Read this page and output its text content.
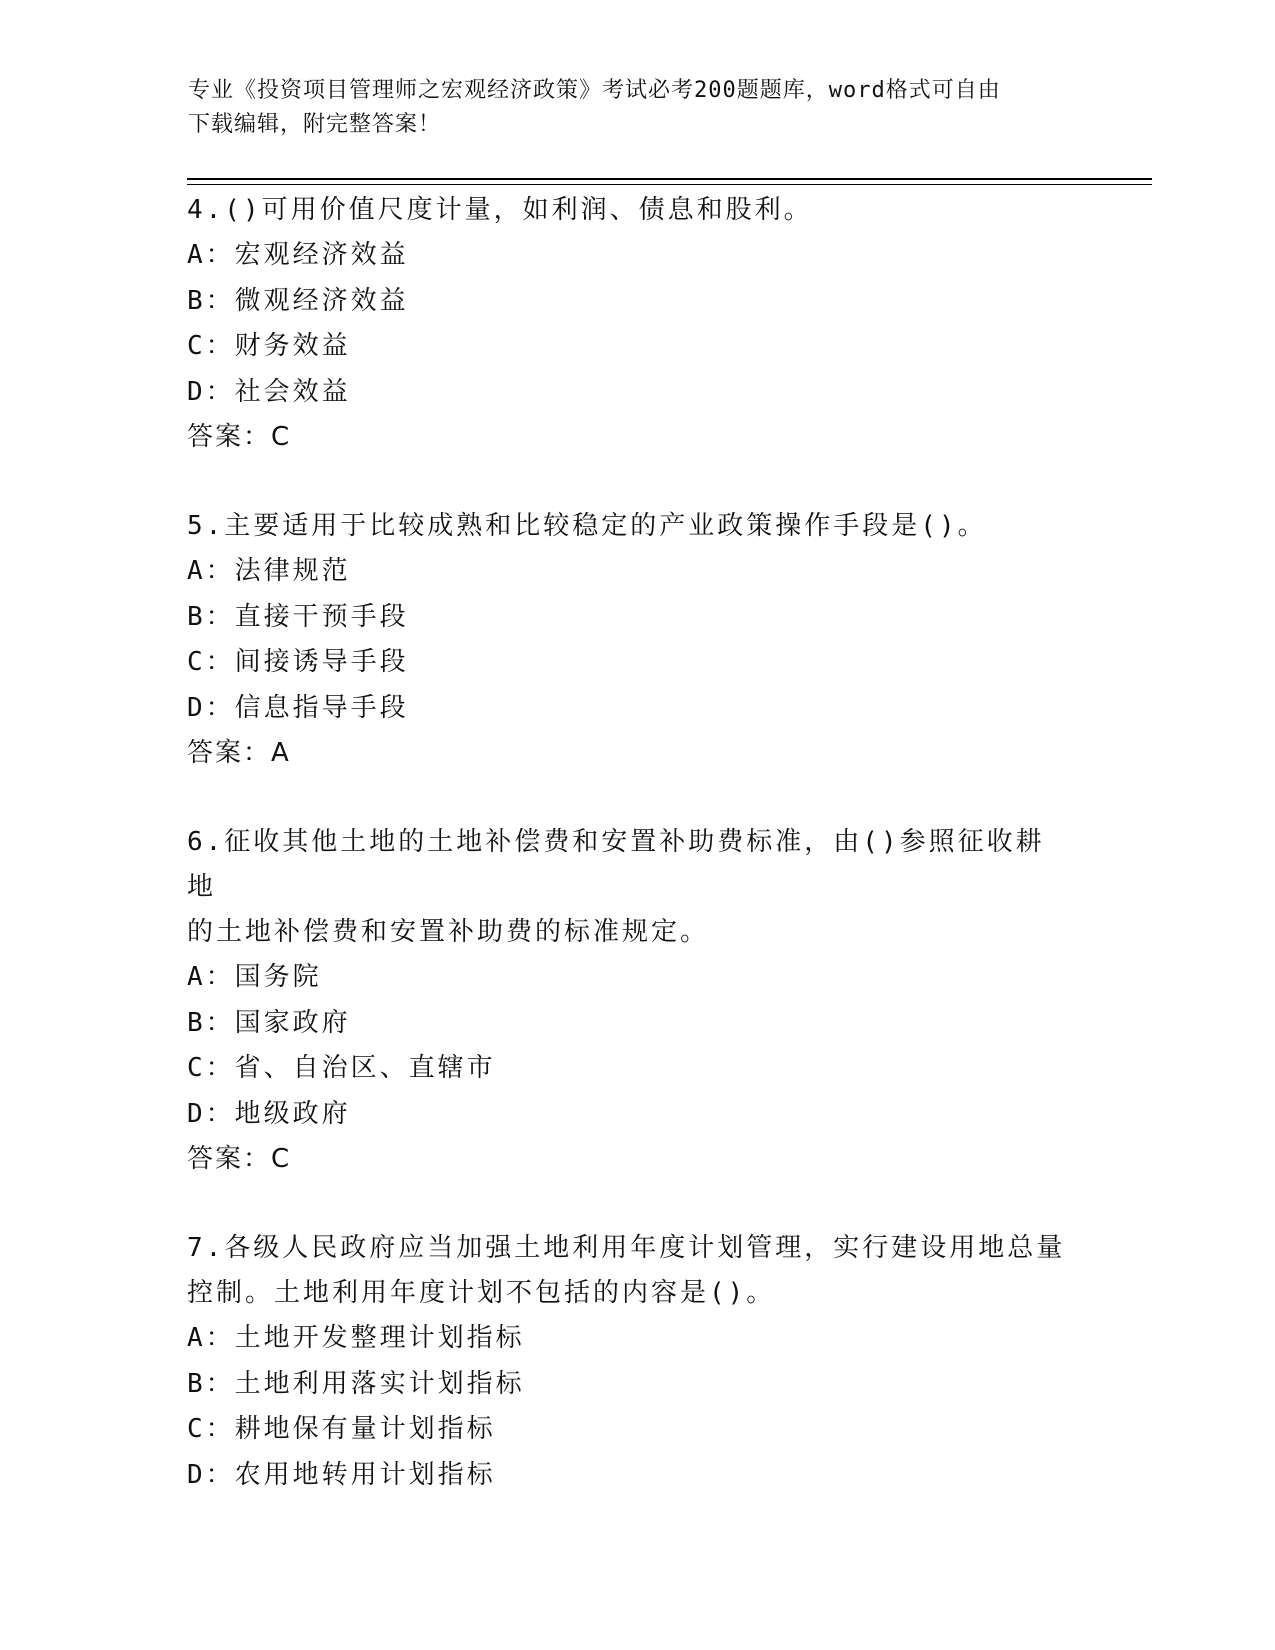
专业《投资项目管理师之宏观经济政策》考试必考200题题库，word格式可自由
下载编辑，附完整答案！
4.()可用价值尺度计量，如利润、债息和股利。
A：宏观经济效益
B：微观经济效益
C：财务效益
D：社会效益
答案：C
5.主要适用于比较成熟和比较稳定的产业政策操作手段是()。
A：法律规范
B：直接干预手段
C：间接诱导手段
D：信息指导手段
答案：A
6.征收其他土地的土地补偿费和安置补助费标准，由()参照征收耕地
的土地补偿费和安置补助费的标准规定。
A：国务院
B：国家政府
C：省、自治区、直辖市
D：地级政府
答案：C
7.各级人民政府应当加强土地利用年度计划管理，实行建设用地总量
控制。土地利用年度计划不包括的内容是()。
A：土地开发整理计划指标
B：土地利用落实计划指标
C：耕地保有量计划指标
D：农用地转用计划指标
